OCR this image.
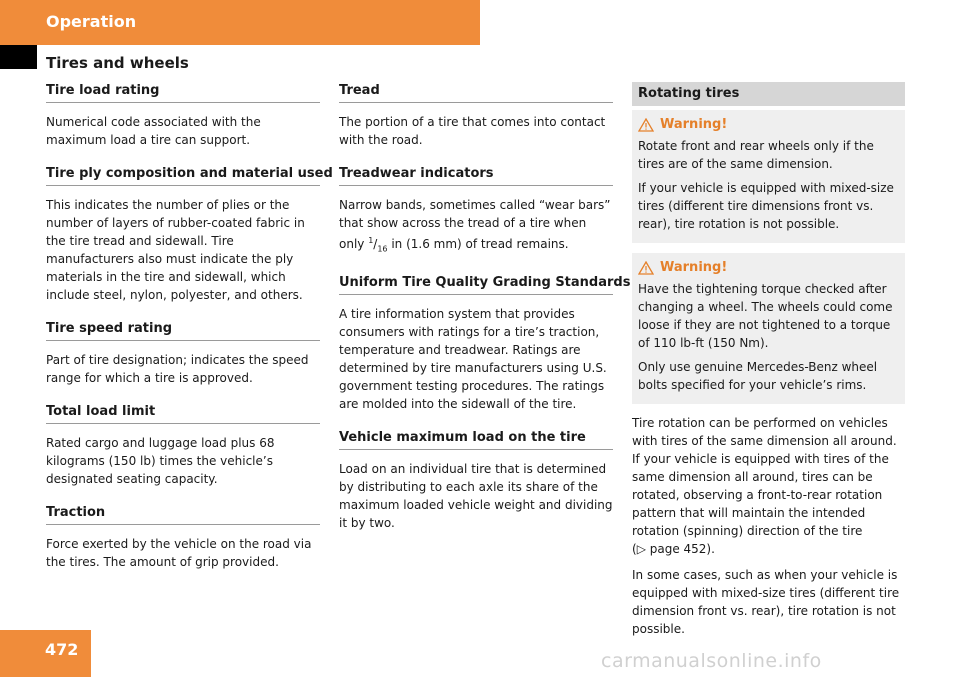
Operation
Tires and wheels
Tire load rating

Numerical code associated with the maximum load a tire can support.

Tire ply composition and material used

This indicates the number of plies or the number of layers of rubber-coated fabric in the tire tread and sidewall. Tire manufacturers also must indicate the ply materials in the tire and sidewall, which include steel, nylon, polyester, and others.

Tire speed rating

Part of tire designation; indicates the speed range for which a tire is approved.

Total load limit

Rated cargo and luggage load plus 68 kilograms (150 lb) times the vehicle’s designated seating capacity.

Traction

Force exerted by the vehicle on the road via the tires. The amount of grip provided.

Tread

The portion of a tire that comes into contact with the road.

Treadwear indicators

Narrow bands, sometimes called “wear bars” that show across the tread of a tire when only $^1/_{16}$ in (1.6 mm) of tread remains.

Uniform Tire Quality Grading Standards

A tire information system that provides consumers with ratings for a tire’s traction, temperature and treadwear. Ratings are determined by tire manufacturers using U.S. government testing procedures. The ratings are molded into the sidewall of the tire.

Vehicle maximum load on the tire

Load on an individual tire that is determined by distributing to each axle its share of the maximum loaded vehicle weight and dividing it by two.

Rotating tires
Warning!

Rotate front and rear wheels only if the tires are of the same dimension.

If your vehicle is equipped with mixed-size tires (different tire dimensions front vs. rear), tire rotation is not possible.

Warning!

Have the tightening torque checked after changing a wheel. The wheels could come loose if they are not tightened to a torque of 110 lb-ft (150 Nm).

Only use genuine Mercedes-Benz wheel bolts specified for your vehicle’s rims.

Tire rotation can be performed on vehicles with tires of the same dimension all around. If your vehicle is equipped with tires of the same dimension all around, tires can be rotated, observing a front-to-rear rotation pattern that will maintain the intended rotation (spinning) direction of the tire (▷ page 452).

In some cases, such as when your vehicle is equipped with mixed-size tires (different tire dimension front vs. rear), tire rotation is not possible.

472
carmanualsonline.info
